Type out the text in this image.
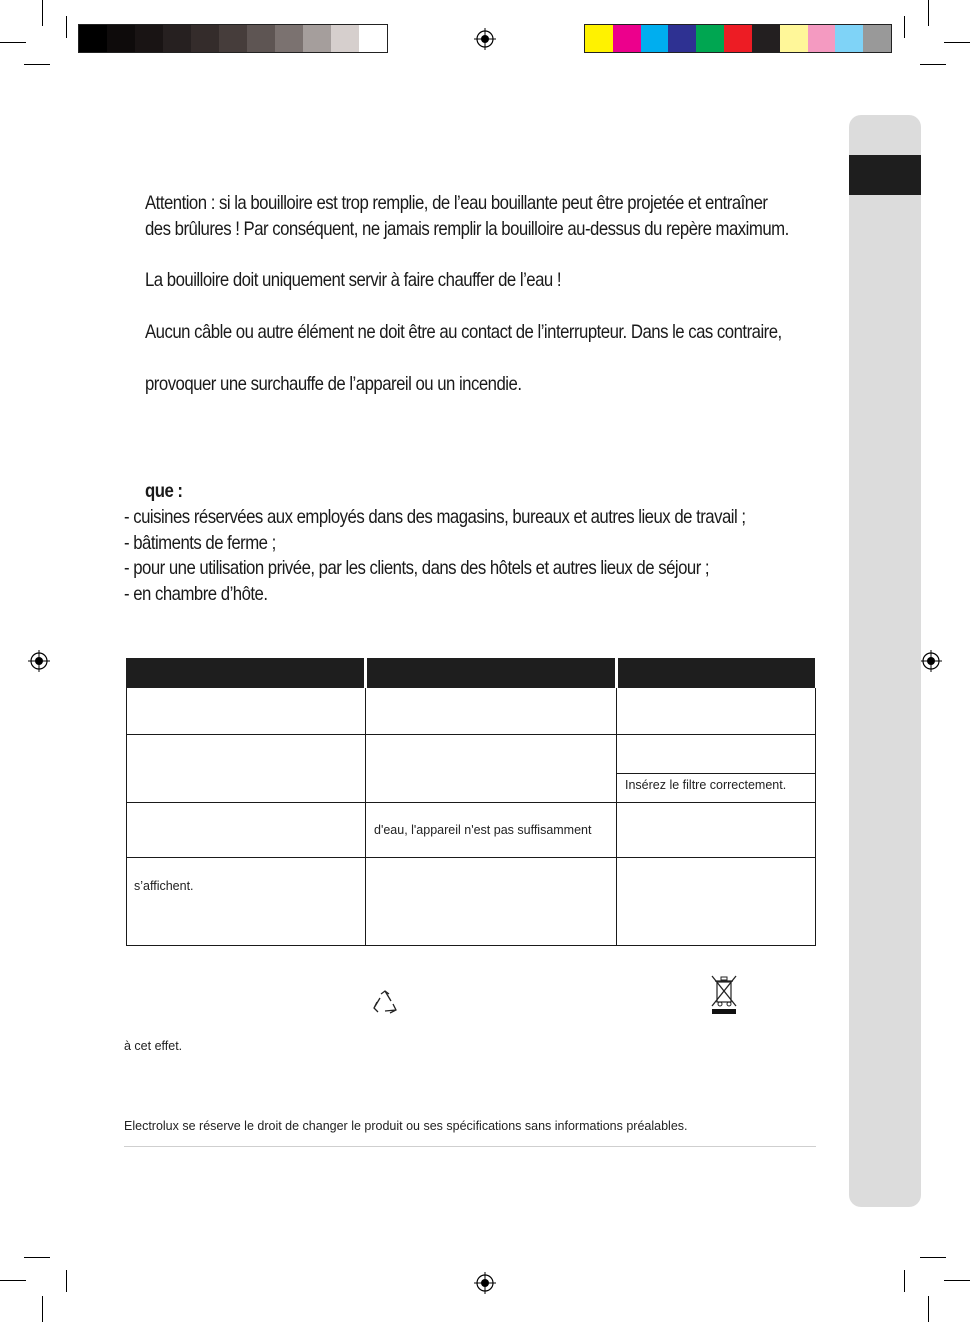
Attention : si la bouilloire est trop remplie, de l’eau bouillante peut être projetée et entraîner
des brûlures ! Par conséquent, ne jamais remplir la bouilloire au-dessus du repère maximum.
La bouilloire doit uniquement servir à faire chauffer de l’eau !
Aucun câble ou autre élément ne doit être au contact de l’interrupteur. Dans le cas contraire,
provoquer une surchauffe de l’appareil ou un incendie.
que :
- cuisines réservées aux employés dans des magasins, bureaux et autres lieux de travail ;
- bâtiments de ferme ;
- pour une utilisation privée, par les clients, dans des hôtels et autres lieux de séjour ;
- en chambre d’hôte.
Insérez le filtre correctement.
d'eau, l'appareil n'est pas suffisamment
s’affichent.
à cet effet.
Electrolux se réserve le droit de changer le produit ou ses spécifications sans informations préalables.
